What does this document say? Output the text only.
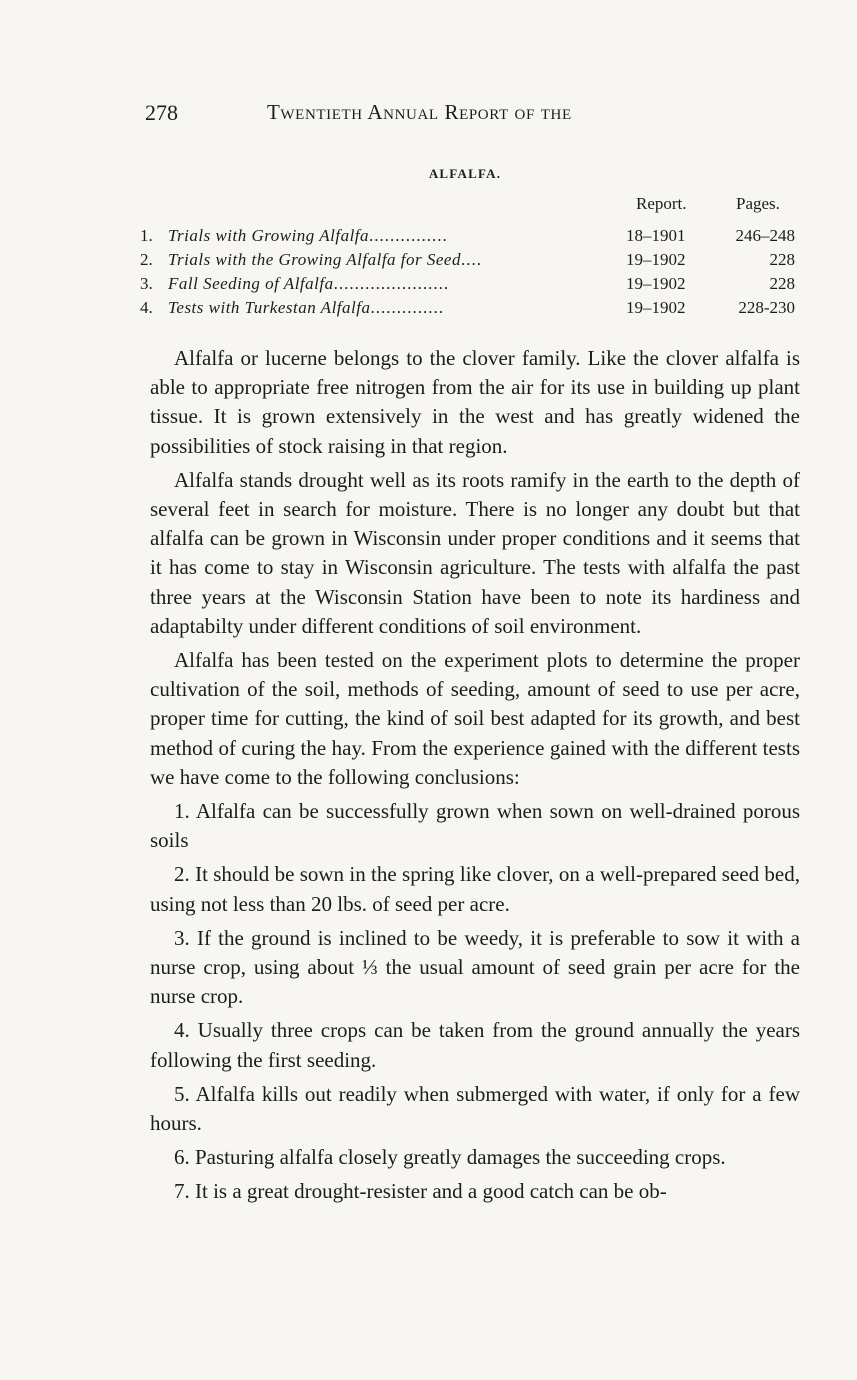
278	Twentieth Annual Report of the
ALFALFA.
Report.	Pages.
1. Trials with Growing Alfalfa ...............	18–1901	246–248
2. Trials with the Growing Alfalfa for Seed ....	19–1902	228
3. Fall Seeding of Alfalfa ......................	19–1902	228
4. Tests with Turkestan Alfalfa ..............	19–1902	228-230

Alfalfa or lucerne belongs to the clover family. Like the clover alfalfa is able to appropriate free nitrogen from the air for its use in building up plant tissue. It is grown extensively in the west and has greatly widened the possibilities of stock raising in that region.

Alfalfa stands drought well as its roots ramify in the earth to the depth of several feet in search for moisture. There is no longer any doubt but that alfalfa can be grown in Wisconsin under proper conditions and it seems that it has come to stay in Wisconsin agriculture. The tests with alfalfa the past three years at the Wisconsin Station have been to note its hardiness and adaptabilty under different conditions of soil environment.

Alfalfa has been tested on the experiment plots to determine the proper cultivation of the soil, methods of seeding, amount of seed to use per acre, proper time for cutting, the kind of soil best adapted for its growth, and best method of curing the hay. From the experience gained with the different tests we have come to the following conclusions:

1. Alfalfa can be successfully grown when sown on well-drained porous soils

2. It should be sown in the spring like clover, on a well-prepared seed bed, using not less than 20 lbs. of seed per acre.

3. If the ground is inclined to be weedy, it is preferable to sow it with a nurse crop, using about ⅓ the usual amount of seed grain per acre for the nurse crop.

4. Usually three crops can be taken from the ground annually the years following the first seeding.

5. Alfalfa kills out readily when submerged with water, if only for a few hours.

6. Pasturing alfalfa closely greatly damages the succeeding crops.

7. It is a great drought-resister and a good catch can be ob-
